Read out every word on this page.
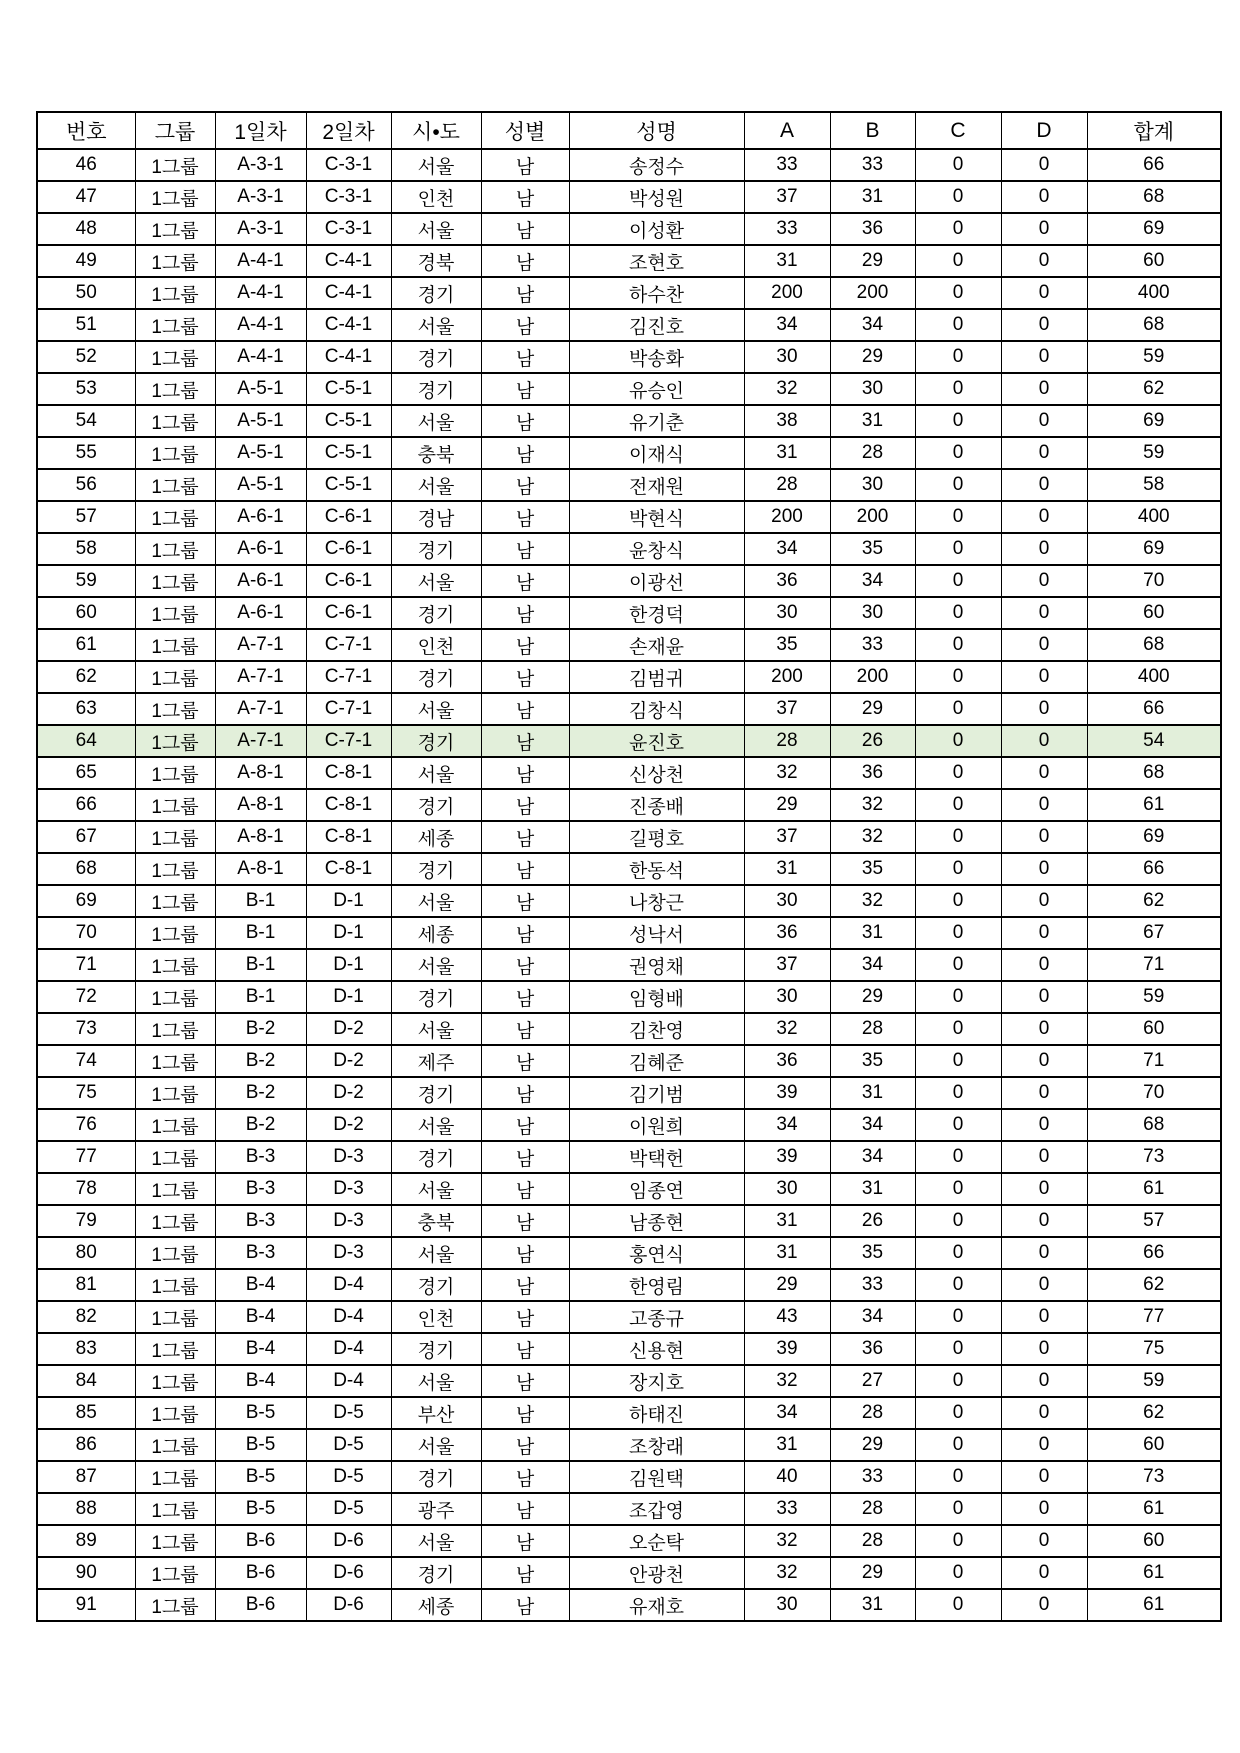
번호	그룹	1일차	2일차	시•도	성별	성명	A	B	C	D	합계
46	1그룹	A-3-1	C-3-1	서울	남	송정수	33	33	0	0	66
47	1그룹	A-3-1	C-3-1	인천	남	박성원	37	31	0	0	68
48	1그룹	A-3-1	C-3-1	서울	남	이성환	33	36	0	0	69
49	1그룹	A-4-1	C-4-1	경북	남	조현호	31	29	0	0	60
50	1그룹	A-4-1	C-4-1	경기	남	하수찬	200	200	0	0	400
51	1그룹	A-4-1	C-4-1	서울	남	김진호	34	34	0	0	68
52	1그룹	A-4-1	C-4-1	경기	남	박송화	30	29	0	0	59
53	1그룹	A-5-1	C-5-1	경기	남	유승인	32	30	0	0	62
54	1그룹	A-5-1	C-5-1	서울	남	유기춘	38	31	0	0	69
55	1그룹	A-5-1	C-5-1	충북	남	이재식	31	28	0	0	59
56	1그룹	A-5-1	C-5-1	서울	남	전재원	28	30	0	0	58
57	1그룹	A-6-1	C-6-1	경남	남	박현식	200	200	0	0	400
58	1그룹	A-6-1	C-6-1	경기	남	윤창식	34	35	0	0	69
59	1그룹	A-6-1	C-6-1	서울	남	이광선	36	34	0	0	70
60	1그룹	A-6-1	C-6-1	경기	남	한경덕	30	30	0	0	60
61	1그룹	A-7-1	C-7-1	인천	남	손재윤	35	33	0	0	68
62	1그룹	A-7-1	C-7-1	경기	남	김범귀	200	200	0	0	400
63	1그룹	A-7-1	C-7-1	서울	남	김창식	37	29	0	0	66
64	1그룹	A-7-1	C-7-1	경기	남	윤진호	28	26	0	0	54
65	1그룹	A-8-1	C-8-1	서울	남	신상천	32	36	0	0	68
66	1그룹	A-8-1	C-8-1	경기	남	진종배	29	32	0	0	61
67	1그룹	A-8-1	C-8-1	세종	남	길평호	37	32	0	0	69
68	1그룹	A-8-1	C-8-1	경기	남	한동석	31	35	0	0	66
69	1그룹	B-1	D-1	서울	남	나창근	30	32	0	0	62
70	1그룹	B-1	D-1	세종	남	성낙서	36	31	0	0	67
71	1그룹	B-1	D-1	서울	남	권영채	37	34	0	0	71
72	1그룹	B-1	D-1	경기	남	임형배	30	29	0	0	59
73	1그룹	B-2	D-2	서울	남	김찬영	32	28	0	0	60
74	1그룹	B-2	D-2	제주	남	김혜준	36	35	0	0	71
75	1그룹	B-2	D-2	경기	남	김기범	39	31	0	0	70
76	1그룹	B-2	D-2	서울	남	이원희	34	34	0	0	68
77	1그룹	B-3	D-3	경기	남	박택헌	39	34	0	0	73
78	1그룹	B-3	D-3	서울	남	임종연	30	31	0	0	61
79	1그룹	B-3	D-3	충북	남	남종현	31	26	0	0	57
80	1그룹	B-3	D-3	서울	남	홍연식	31	35	0	0	66
81	1그룹	B-4	D-4	경기	남	한영림	29	33	0	0	62
82	1그룹	B-4	D-4	인천	남	고종규	43	34	0	0	77
83	1그룹	B-4	D-4	경기	남	신용현	39	36	0	0	75
84	1그룹	B-4	D-4	서울	남	장지호	32	27	0	0	59
85	1그룹	B-5	D-5	부산	남	하태진	34	28	0	0	62
86	1그룹	B-5	D-5	서울	남	조창래	31	29	0	0	60
87	1그룹	B-5	D-5	경기	남	김원택	40	33	0	0	73
88	1그룹	B-5	D-5	광주	남	조갑영	33	28	0	0	61
89	1그룹	B-6	D-6	서울	남	오순탁	32	28	0	0	60
90	1그룹	B-6	D-6	경기	남	안광천	32	29	0	0	61
91	1그룹	B-6	D-6	세종	남	유재호	30	31	0	0	61
